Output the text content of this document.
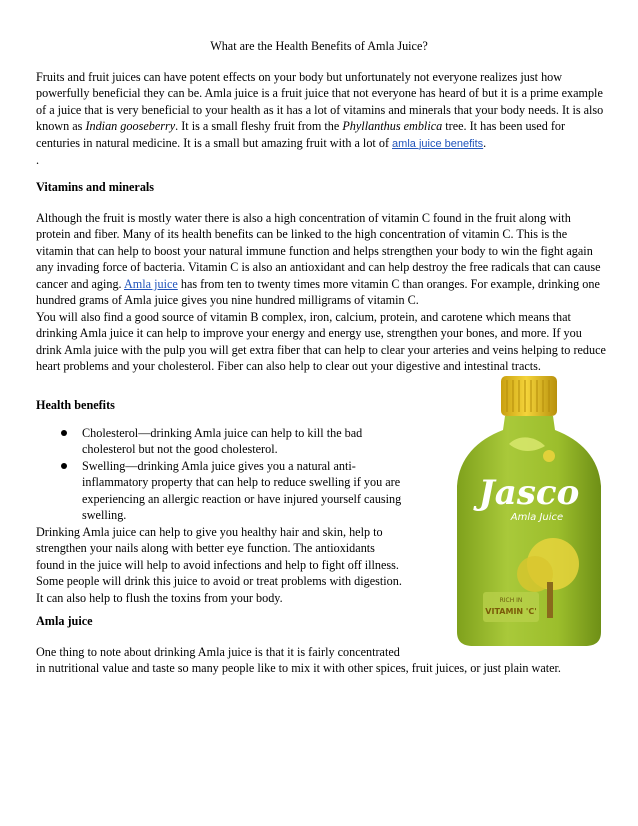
What are the Health Benefits of Amla Juice?

Fruits and fruit juices can have potent effects on your body but unfortunately not everyone realizes just how powerfully beneficial they can be. Amla juice is a fruit juice that not everyone has heard of but it is a prime example of a juice that is very beneficial to your health as it has a lot of vitamins and minerals that your body needs. It is also known as Indian gooseberry. It is a small fleshy fruit from the Phyllanthus emblica tree. It has been used for centuries in natural medicine. It is a small but amazing fruit with a lot of amla juice benefits.
.

Vitamins and minerals

Although the fruit is mostly water there is also a high concentration of vitamin C found in the fruit along with protein and fiber. Many of its health benefits can be linked to the high concentration of vitamin C. This is the vitamin that can help to boost your natural immune function and helps strengthen your body to win the fight again any invading force of bacteria. Vitamin C is also an antioxidant and can help destroy the free radicals that can cause cancer and aging. Amla juice has from ten to twenty times more vitamin C than oranges. For example, drinking one hundred grams of Amla juice gives you nine hundred milligrams of vitamin C.

You will also find a good source of vitamin B complex, iron, calcium, protein, and carotene which means that drinking Amla juice it can help to improve your energy and energy use, strengthen your bones, and more. If you drink Amla juice with the pulp you will get extra fiber that can help to clear your arteries and veins helping to reduce heart problems and your cholesterol. Fiber can also help to clear out your digestive and intestinal tracts.

Health benefits
Cholesterol—drinking Amla juice can help to kill the bad cholesterol but not the good cholesterol.
Swelling—drinking Amla juice gives you a natural anti-inflammatory property that can help to reduce swelling if you are experiencing an allergic reaction or have injured yourself causing swelling.

Drinking Amla juice can help to give you healthy hair and skin, help to
strengthen your nails along with better eye function. The antioxidants
found in the juice will help to avoid infections and help to fight off illness.
Some people will drink this juice to avoid or treat problems with digestion.
It can also help to flush the toxins from your body.

Amla juice

One thing to note about drinking Amla juice is that it is fairly concentrated
in nutritional value and taste so many people like to mix it with other spices, fruit juices, or just plain water.

Jasco
Amla Juice
RICH IN
VITAMIN 'C'
